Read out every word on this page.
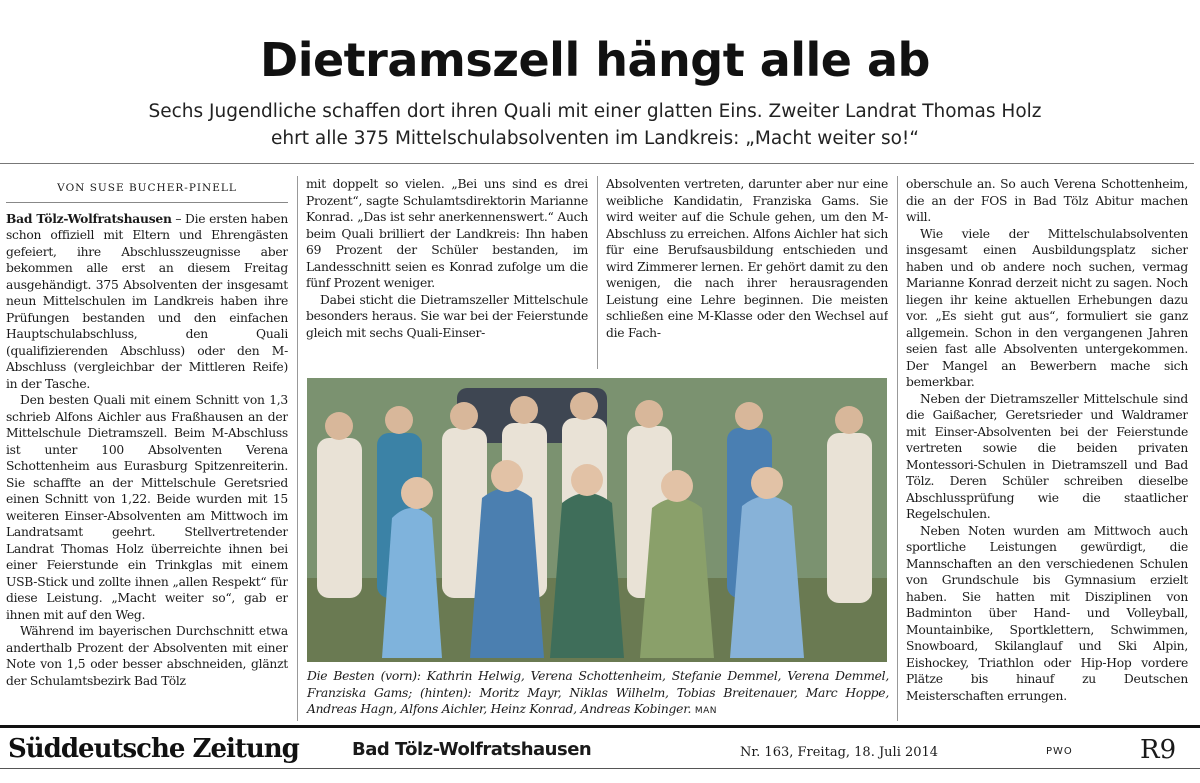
Dietramszell hängt alle ab
Sechs Jugendliche schaffen dort ihren Quali mit einer glatten Eins. Zweiter Landrat Thomas Holz
ehrt alle 375 Mittelschulabsolventen im Landkreis: „Macht weiter so!“
VON SUSE BUCHER-PINELL

Bad Tölz-Wolfratshausen – Die ersten haben schon offiziell mit Eltern und Ehrengästen gefeiert, ihre Abschlusszeugnisse aber bekommen alle erst an diesem Freitag ausgehändigt. 375 Absolventen der insgesamt neun Mittelschulen im Landkreis haben ihre Prüfungen bestanden und den einfachen Hauptschulabschluss, den Quali (qualifizierenden Abschluss) oder den M-Abschluss (vergleichbar der Mittleren Reife) in der Tasche.

Den besten Quali mit einem Schnitt von 1,3 schrieb Alfons Aichler aus Fraßhausen an der Mittelschule Dietramszell. Beim M-Abschluss ist unter 100 Absolventen Verena Schottenheim aus Eurasburg Spitzenreiterin. Sie schaffte an der Mittelschule Geretsried einen Schnitt von 1,22. Beide wurden mit 15 weiteren Einser-Absolventen am Mittwoch im Landratsamt geehrt. Stellvertretender Landrat Thomas Holz überreichte ihnen bei einer Feierstunde ein Trinkglas mit einem USB-Stick und zollte ihnen „allen Respekt“ für diese Leistung. „Macht weiter so“, gab er ihnen mit auf den Weg.

Während im bayerischen Durchschnitt etwa anderthalb Prozent der Absolventen mit einer Note von 1,5 oder besser abschneiden, glänzt der Schulamtsbezirk Bad Tölz

mit doppelt so vielen. „Bei uns sind es drei Prozent“, sagte Schulamtsdirektorin Marianne Konrad. „Das ist sehr anerkennenswert.“ Auch beim Quali brilliert der Landkreis: Ihn haben 69 Prozent der Schüler bestanden, im Landesschnitt seien es Konrad zufolge um die fünf Prozent weniger.

Dabei sticht die Dietramszeller Mittelschule besonders heraus. Sie war bei der Feierstunde gleich mit sechs Quali-Einser-

Absolventen vertreten, darunter aber nur eine weibliche Kandidatin, Franziska Gams. Sie wird weiter auf die Schule gehen, um den M-Abschluss zu erreichen. Alfons Aichler hat sich für eine Berufsausbildung entschieden und wird Zimmerer lernen. Er gehört damit zu den wenigen, die nach ihrer herausragenden Leistung eine Lehre beginnen. Die meisten schließen eine M-Klasse oder den Wechsel auf die Fach-

oberschule an. So auch Verena Schottenheim, die an der FOS in Bad Tölz Abitur machen will.

Wie viele der Mittelschulabsolventen insgesamt einen Ausbildungsplatz sicher haben und ob andere noch suchen, vermag Marianne Konrad derzeit nicht zu sagen. Noch liegen ihr keine aktuellen Erhebungen dazu vor. „Es sieht gut aus“, formuliert sie ganz allgemein. Schon in den vergangenen Jahren seien fast alle Absolventen untergekommen. Der Mangel an Bewerbern mache sich bemerkbar.

Neben der Dietramszeller Mittelschule sind die Gaißacher, Geretsrieder und Waldramer mit Einser-Absolventen bei der Feierstunde vertreten sowie die beiden privaten Montessori-Schulen in Dietramszell und Bad Tölz. Deren Schüler schreiben dieselbe Abschlussprüfung wie die staatlicher Regelschulen.

Neben Noten wurden am Mittwoch auch sportliche Leistungen gewürdigt, die Mannschaften an den verschiedenen Schulen von Grundschule bis Gymnasium erzielt haben. Sie hatten mit Disziplinen von Badminton über Hand- und Volleyball, Mountainbike, Sportklettern, Schwimmen, Snowboard, Skilanglauf und Ski Alpin, Eishockey, Triathlon oder Hip-Hop vordere Plätze bis hinauf zu Deutschen Meisterschaften errungen.

Die Besten (vorn): Kathrin Helwig, Verena Schottenheim, Stefanie Demmel, Verena Demmel, Franziska Gams; (hinten): Moritz Mayr, Niklas Wilhelm, Tobias Breitenauer, Marc Hoppe, Andreas Hagn, Alfons Aichler, Heinz Konrad, Andreas Kobinger. MAN
Süddeutsche Zeitung	Bad Tölz-Wolfratshausen	Nr. 163, Freitag, 18. Juli 2014	PWO	R9
